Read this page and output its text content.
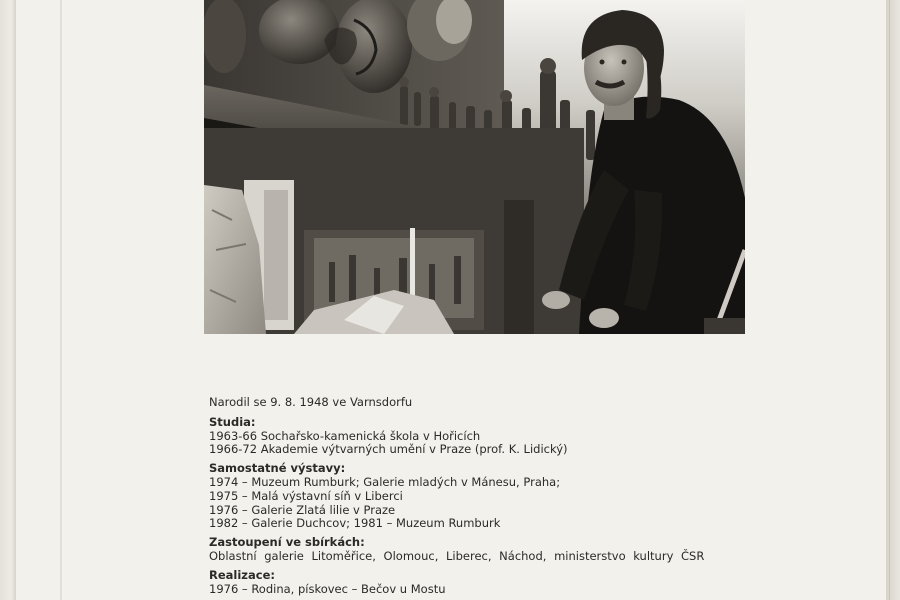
Narodil se 9. 8. 1948 ve Varnsdorfu
Studia:
1963-66 Sochařsko-kamenická škola v Hořicích
1966-72 Akademie výtvarných umění v Praze (prof. K. Lidický)
Samostatné výstavy:
1974 – Muzeum Rumburk; Galerie mladých v Mánesu, Praha;
1975 – Malá výstavní síň v Liberci
1976 – Galerie Zlatá lilie v Praze
1982 – Galerie Duchcov; 1981 – Muzeum Rumburk
Zastoupení ve sbírkách:
Oblastní galerie Litoměřice, Olomouc, Liberec, Náchod, ministerstvo kultury ČSR
Realizace:
1976 – Rodina, pískovec – Bečov u Mostu
